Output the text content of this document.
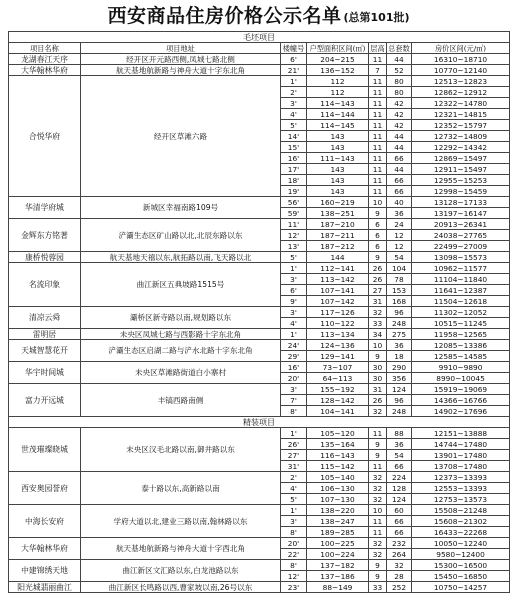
西安商品住房价格公示名单 (总第101批)
毛坯项目						
项目名称	项目地址	楼幢号	户型面积区间(㎡)	层高	总套数	房价区间(元/㎡)
龙湖春江天序	经开区开元路西侧,凤城七路北侧	6'	204~215	11	44	16310~18710
大华翰林华府	航天基地航新路与神舟大道十字东北角	21'	136~152	7	52	10770~12140
合悦华府	经开区草滩六路	1'	112	11	80	12513~12823
		2'	112	11	80	12862~12912
		3'	114~143	11	42	12322~14780
		4'	114~144	11	42	12321~14815
		5'	114~145	11	42	12352~15797
		14'	143	11	44	12732~14809
		15'	143	11	44	12292~14342
		16'	111~143	11	66	12869~15497
		17'	143	11	44	12911~15497
		18'	143	11	66	12955~15253
		19'	143	11	66	12998~15459
华清学府城	新城区幸福南路109号	56'	160~219	10	40	13128~17133
		59'	138~251	9	36	13197~16147
金辉东方铭著	浐灞生态区矿山路以北,北辰东路以东	11'	187~210	6	24	20913~26341
		12'	187~211	6	12	24038~27765
		13'	187~212	6	12	22499~27009
康桥悦蓉园	航天基地天禧以东,航拓路以南,飞天路以北	5'	144	9	54	13098~15573
名流印象	曲江新区五典坡路1515号	1'	112~141	26	104	10962~11577
		3'	113~142	26	78	11104~11840
		6'	107~141	27	153	11641~12387
		9'	107~142	31	168	11504~12618
清凉云舜	灞桥区新寺路以南,规划路以东	3'	117~126	32	96	11302~12052
		4'	110~122	33	248	10515~11245
雷明居	未央区凤城七路与西影路十字东北角	1'	113~134	34	275	11958~12565
天城智慧花开	浐灞生态区启湖二路与浐水北路十字东北角	24'	124~136	10	36	12085~13386
		29'	129~141	9	18	12585~14585
华宇时间城	未央区草滩路街道白小寨村	16'	73~107	30	290	9910~9890
		20'	64~113	30	356	8990~10045
富力开远城	丰镐西路南侧	3'	155~192	31	124	15919~19069
		7'	128~142	26	96	14366~16766
		8'	104~141	32	248	14902~17696
精装项目						
世茂璀璨晓城	未央区汉毛北路以南,御井路以东	1'	105~120	11	88	12151~13888
		26'	135~164	9	36	14744~17480
		27'	116~143	9	54	13901~17480
		31'	115~142	11	66	13708~17480
西安奥园誉府	泰十路以东,高新路以南	2'	105~140	32	224	12373~13393
		4'	106~130	32	128	12553~13393
		5'	107~130	32	124	12753~13573
中海长安府	学府大道以北,建业三路以南,翰林路以东	1'	138~220	10	60	15508~21248
		3'	138~247	11	66	15608~21302
		8'	189~285	11	66	16433~22268
大华翰林华府	航天基地航新路与神舟大道十字西北角	20'	100~225	32	232	10050~12240
		22'	100~224	32	264	9580~12400
中建锦绣天地	曲江新区文汇路以东,白龙池路以东	8'	137~182	9	32	15300~16500
		12'	137~186	9	28	15450~16850
阳光城翡丽曲江	曲江新区长鸣路以西,曹家坡以南,26号以东	23'	88~149	33	252	10750~14257
